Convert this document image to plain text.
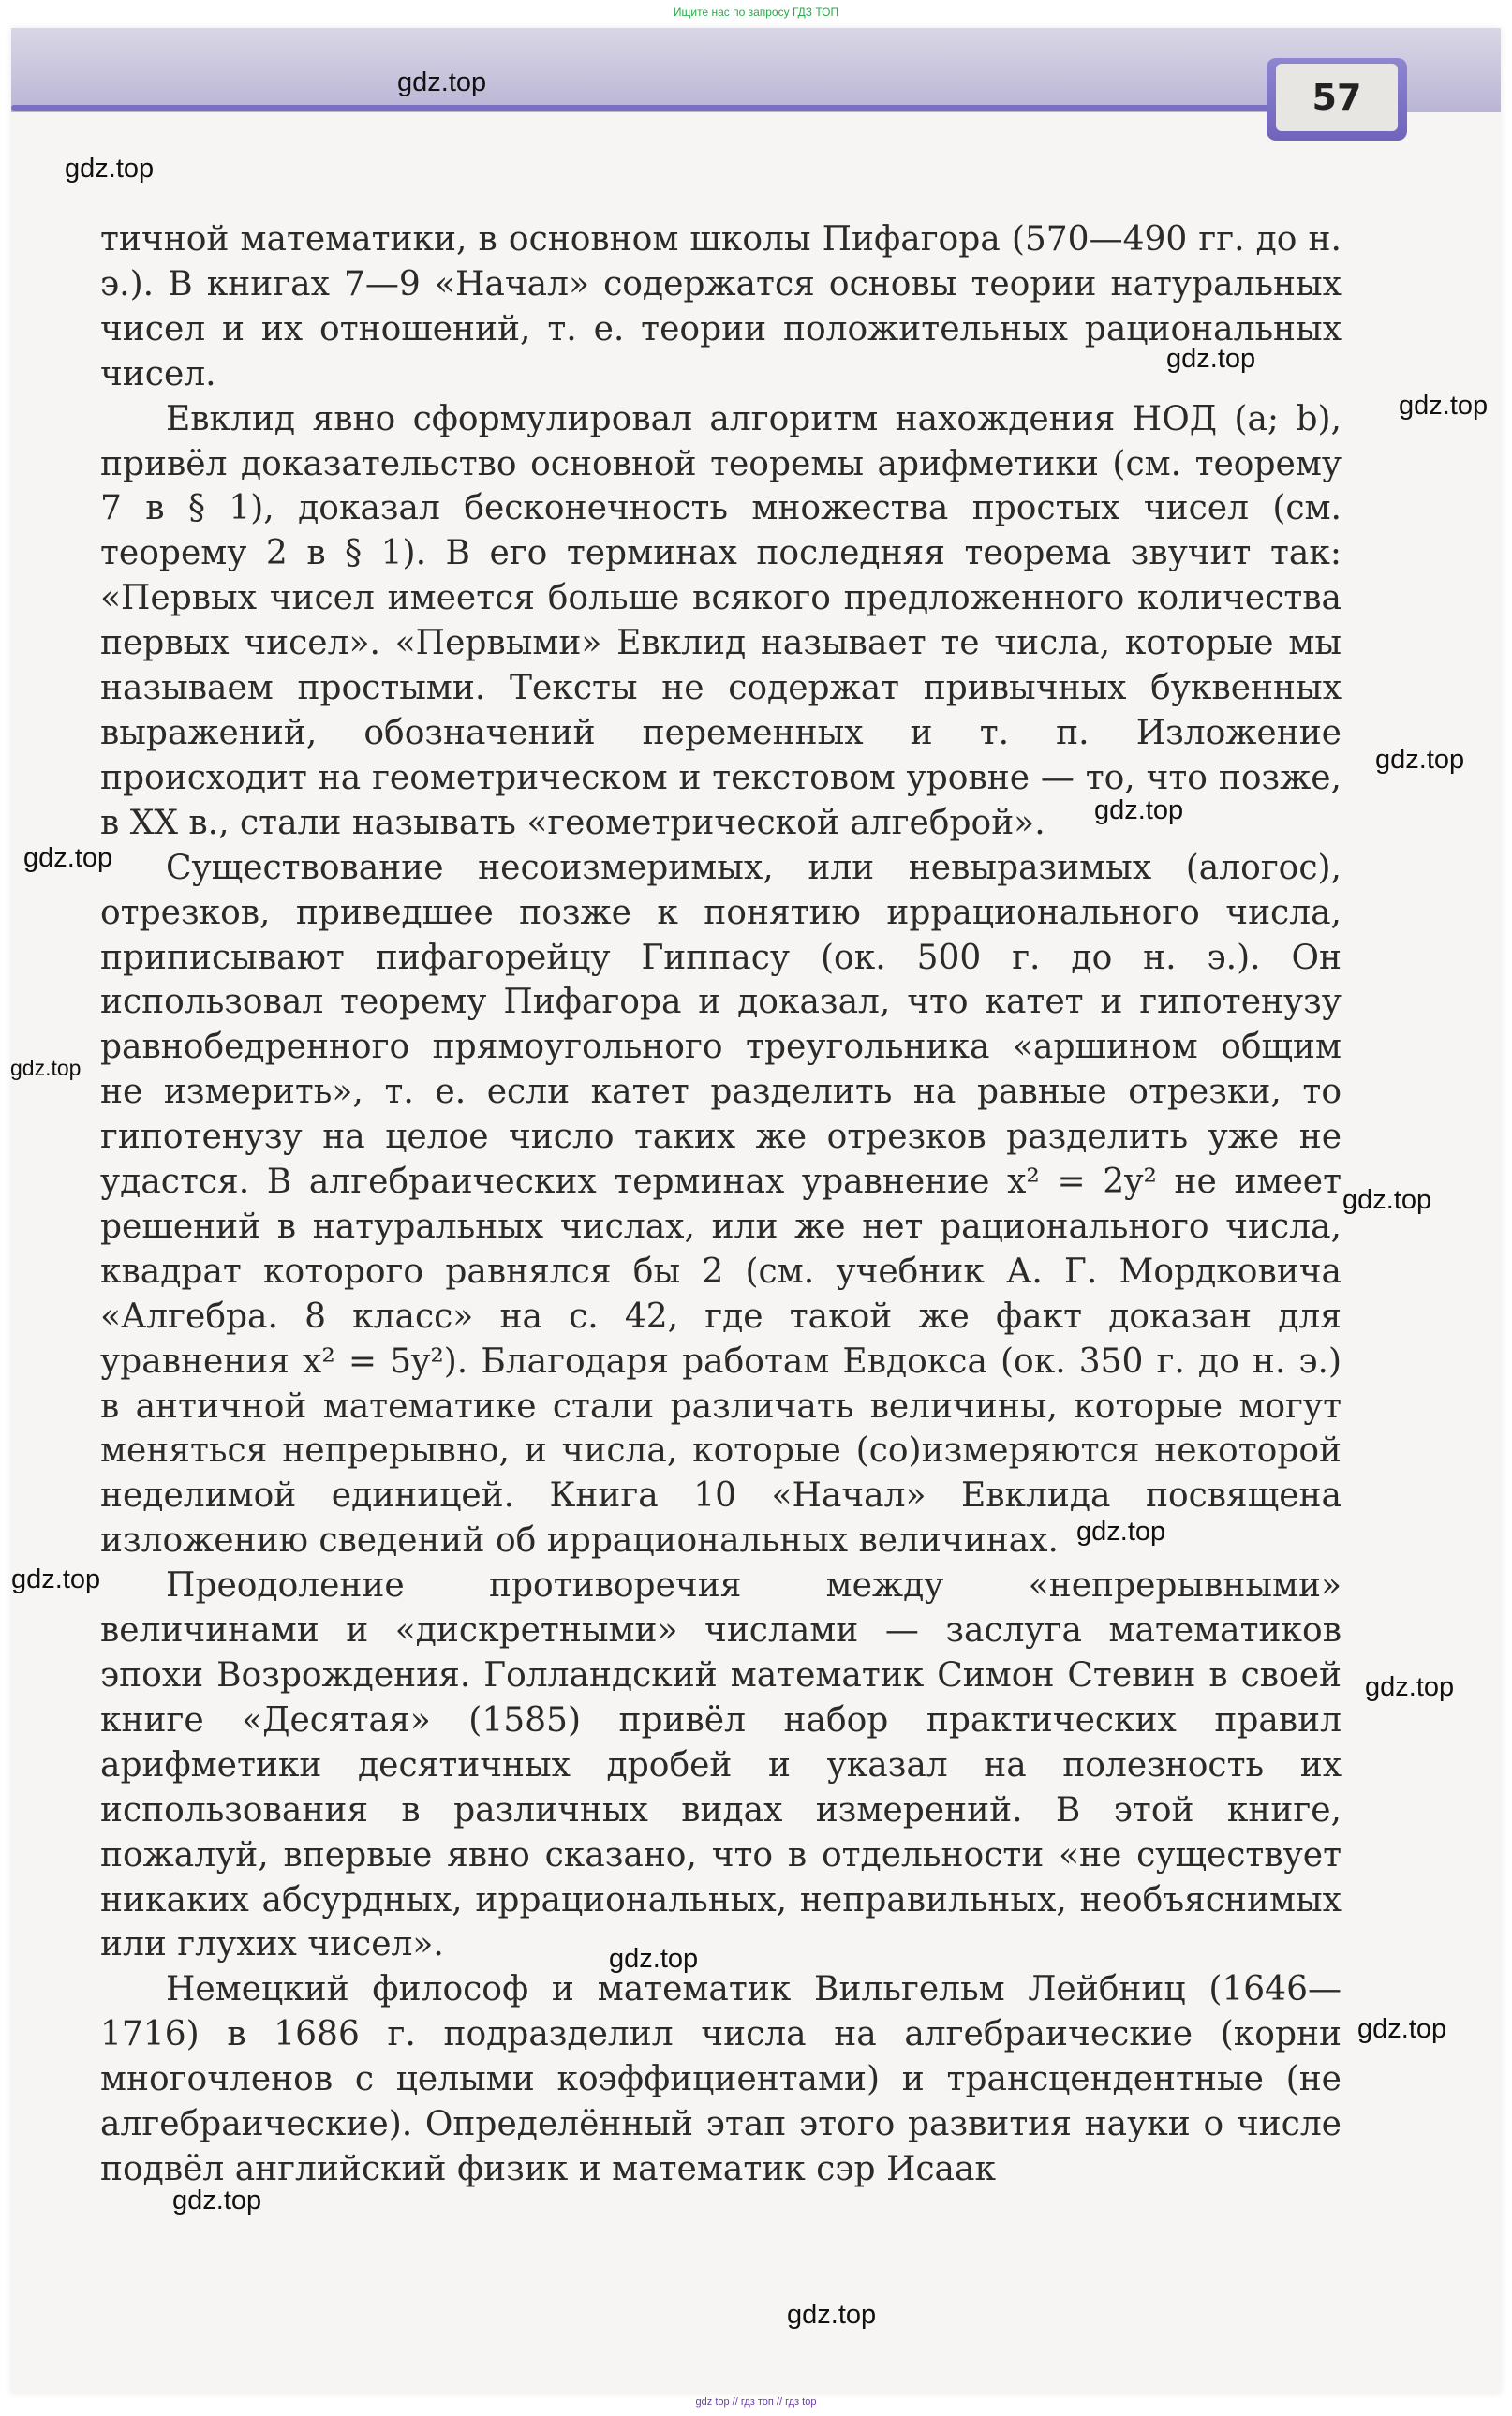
Ищите нас по запросу ГДЗ ТОП
57

тичной математики, в основном школы Пифагора (570—490 гг. до н. э.). В книгах 7—9 «Начал» содержатся основы теории натуральных чисел и их отношений, т. е. теории положительных рациональных чисел.

Евклид явно сформулировал алгоритм нахождения НОД (a; b), привёл доказательство основной теоремы арифметики (см. теорему 7 в § 1), доказал бесконечность множества простых чисел (см. теорему 2 в § 1). В его терминах последняя теорема звучит так: «Первых чисел имеется больше всякого предложенного количества первых чисел». «Первыми» Евклид называет те числа, которые мы называем простыми. Тексты не содержат привычных буквенных выражений, обозначений переменных и т. п. Изложение происходит на геометрическом и текстовом уровне — то, что позже, в XX в., стали называть «геометрической алгеброй».

Существование несоизмеримых, или невыразимых (алогос), отрезков, приведшее позже к понятию иррационального числа, приписывают пифагорейцу Гиппасу (ок. 500 г. до н. э.). Он использовал теорему Пифагора и доказал, что катет и гипотенузу равнобедренного прямоугольного треугольника «аршином общим не измерить», т. е. если катет разделить на равные отрезки, то гипотенузу на целое число таких же отрезков разделить уже не удастся. В алгебраических терминах уравнение x² = 2y² не имеет решений в натуральных числах, или же нет рационального числа, квадрат которого равнялся бы 2 (см. учебник А. Г. Мордковича «Алгебра. 8 класс» на с. 42, где такой же факт доказан для уравнения x² = 5y²). Благодаря работам Евдокса (ок. 350 г. до н. э.) в античной математике стали различать величины, которые могут меняться непрерывно, и числа, которые (со)измеряются некоторой неделимой единицей. Книга 10 «Начал» Евклида посвящена изложению сведений об иррациональных величинах.

Преодоление противоречия между «непрерывными» величинами и «дискретными» числами — заслуга математиков эпохи Возрождения. Голландский математик Симон Стевин в своей книге «Десятая» (1585) привёл набор практических правил арифметики десятичных дробей и указал на полезность их использования в различных видах измерений. В этой книге, пожалуй, впервые явно сказано, что в отдельности «не существует никаких абсурдных, иррациональных, неправильных, необъяснимых или глухих чисел».

Немецкий философ и математик Вильгельм Лейбниц (1646—1716) в 1686 г. подразделил числа на алгебраические (корни многочленов с целыми коэффициентами) и трансцендентные (не алгебраические). Определённый этап этого развития науки о числе подвёл английский физик и математик сэр Исаак

gdz.top
gdz.top
gdz.top
gdz.top
gdz.top
gdz.top
gdz.top
gdz.top
gdz.top
gdz.top
gdz.top
gdz.top
gdz.top
gdz.top
gdz.top
gdz.top
gdz top // гдз топ // гдз top
